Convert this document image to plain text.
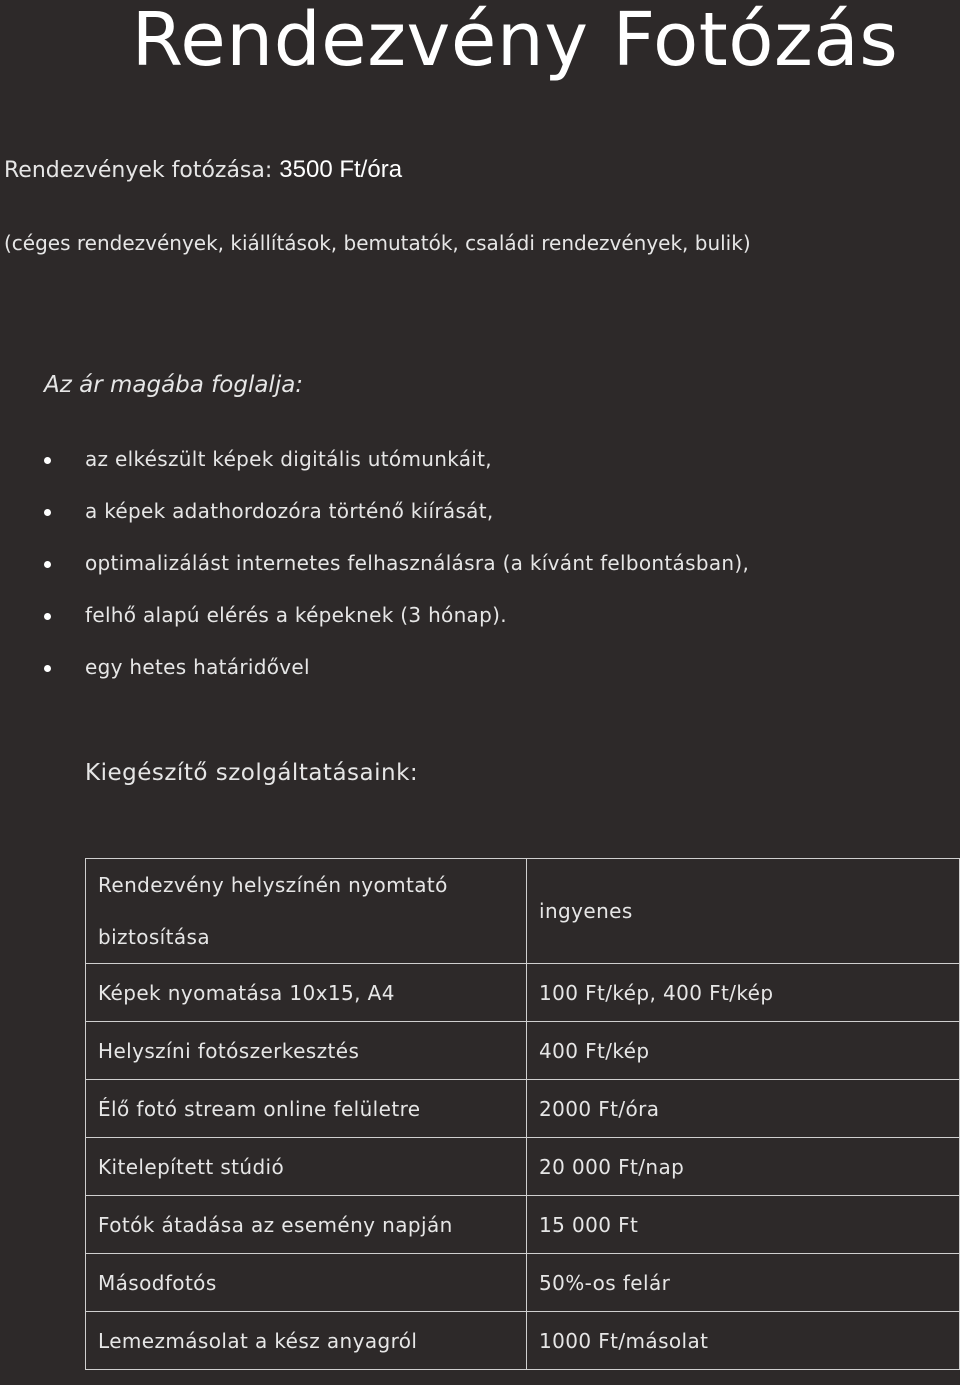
Rendezvény Fotózás
Rendezvények fotózása: 3500 Ft/óra
(céges rendezvények, kiállítások, bemutatók, családi rendezvények, bulik)
Az ár magába foglalja:
az elkészült képek digitális utómunkáit,
a képek adathordozóra történő kiírását,
optimalizálást internetes felhasználásra (a kívánt felbontásban),
felhő alapú elérés a képeknek (3 hónap).
egy hetes határidővel
Kiegészítő szolgáltatásaink:
Rendezvény helyszínén nyomtató biztosítása	ingyenes
Képek nyomatása 10x15, A4	100 Ft/kép, 400 Ft/kép
Helyszíni fotószerkesztés	400 Ft/kép
Élő fotó stream online felületre	2000 Ft/óra
Kitelepített stúdió	20 000 Ft/nap
Fotók átadása az esemény napján	15 000 Ft
Másodfotós	50%-os felár
Lemezmásolat a kész anyagról	1000 Ft/másolat
